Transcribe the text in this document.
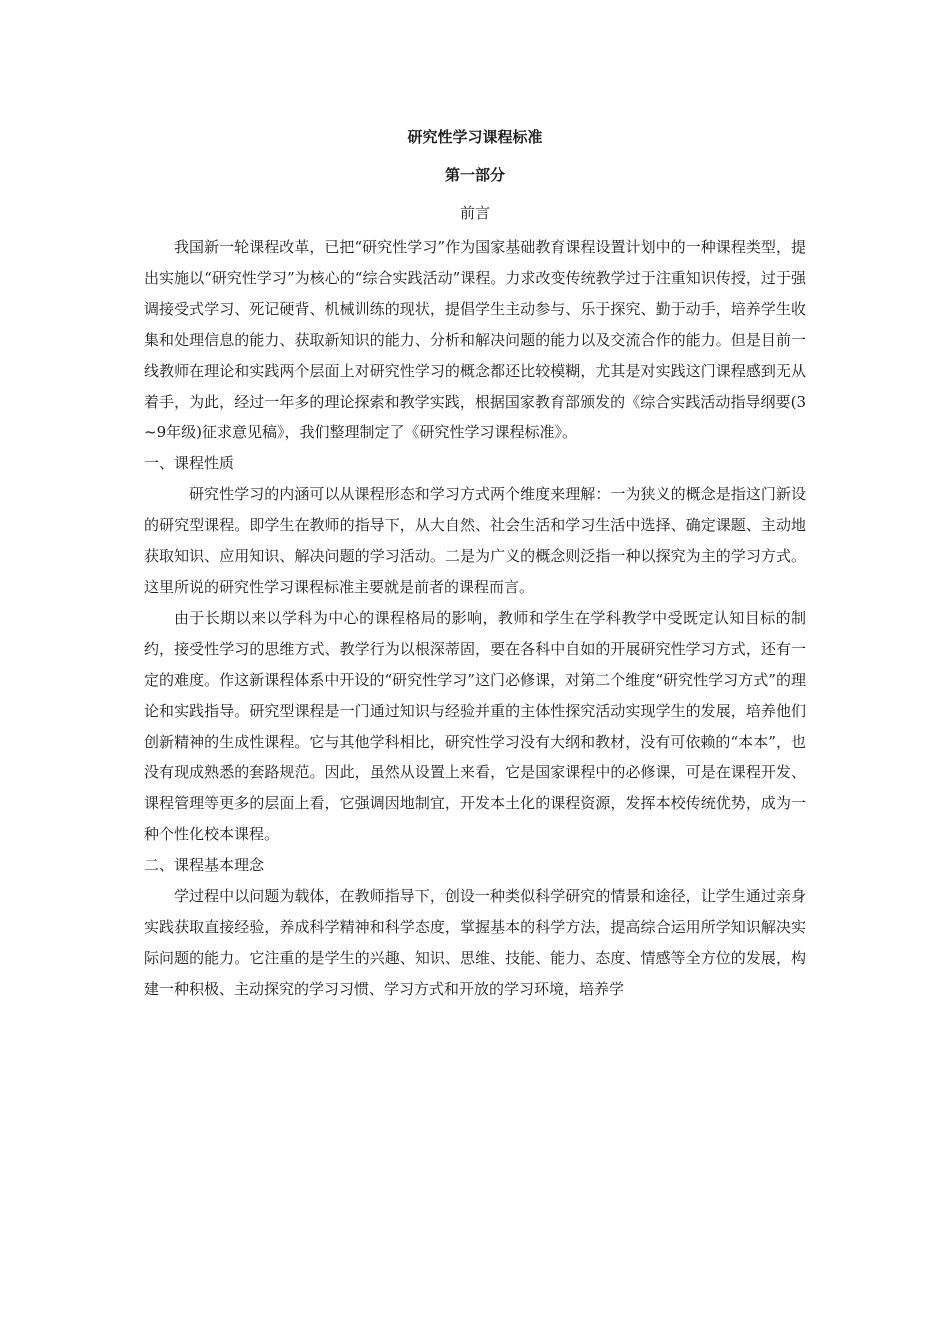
研究性学习课程标准

第一部分

前言

我国新一轮课程改革，已把“研究性学习”作为国家基础教育课程设置计划中的一种课程类型，提出实施以“研究性学习”为核心的“综合实践活动”课程。力求改变传统教学过于注重知识传授，过于强调接受式学习、死记硬背、机械训练的现状，提倡学生主动参与、乐于探究、勤于动手，培养学生收集和处理信息的能力、获取新知识的能力、分析和解决问题的能力以及交流合作的能力。但是目前一线教师在理论和实践两个层面上对研究性学习的概念都还比较模糊，尤其是对实践这门课程感到无从着手，为此，经过一年多的理论探索和教学实践，根据国家教育部颁发的《综合实践活动指导纲要(3~9年级)征求意见稿》，我们整理制定了《研究性学习课程标准》。

一、课程性质

研究性学习的内涵可以从课程形态和学习方式两个维度来理解：一为狭义的概念是指这门新设的研究型课程。即学生在教师的指导下，从大自然、社会生活和学习生活中选择、确定课题、主动地获取知识、应用知识、解决问题的学习活动。二是为广义的概念则泛指一种以探究为主的学习方式。这里所说的研究性学习课程标准主要就是前者的课程而言。

由于长期以来以学科为中心的课程格局的影响，教师和学生在学科教学中受既定认知目标的制约，接受性学习的思维方式、教学行为以根深蒂固，要在各科中自如的开展研究性学习方式，还有一定的难度。作这新课程体系中开设的“研究性学习”这门必修课，对第二个维度“研究性学习方式”的理论和实践指导。研究型课程是一门通过知识与经验并重的主体性探究活动实现学生的发展，培养他们创新精神的生成性课程。它与其他学科相比，研究性学习没有大纲和教材，没有可依赖的“本本”，也没有现成熟悉的套路规范。因此，虽然从设置上来看，它是国家课程中的必修课，可是在课程开发、课程管理等更多的层面上看，它强调因地制宜，开发本土化的课程资源，发挥本校传统优势，成为一种个性化校本课程。

二、课程基本理念

学过程中以问题为载体，在教师指导下，创设一种类似科学研究的情景和途径，让学生通过亲身实践获取直接经验，养成科学精神和科学态度，掌握基本的科学方法，提高综合运用所学知识解决实际问题的能力。它注重的是学生的兴趣、知识、思维、技能、能力、态度、情感等全方位的发展，构建一种积极、主动探究的学习习惯、学习方式和开放的学习环境，培养学
